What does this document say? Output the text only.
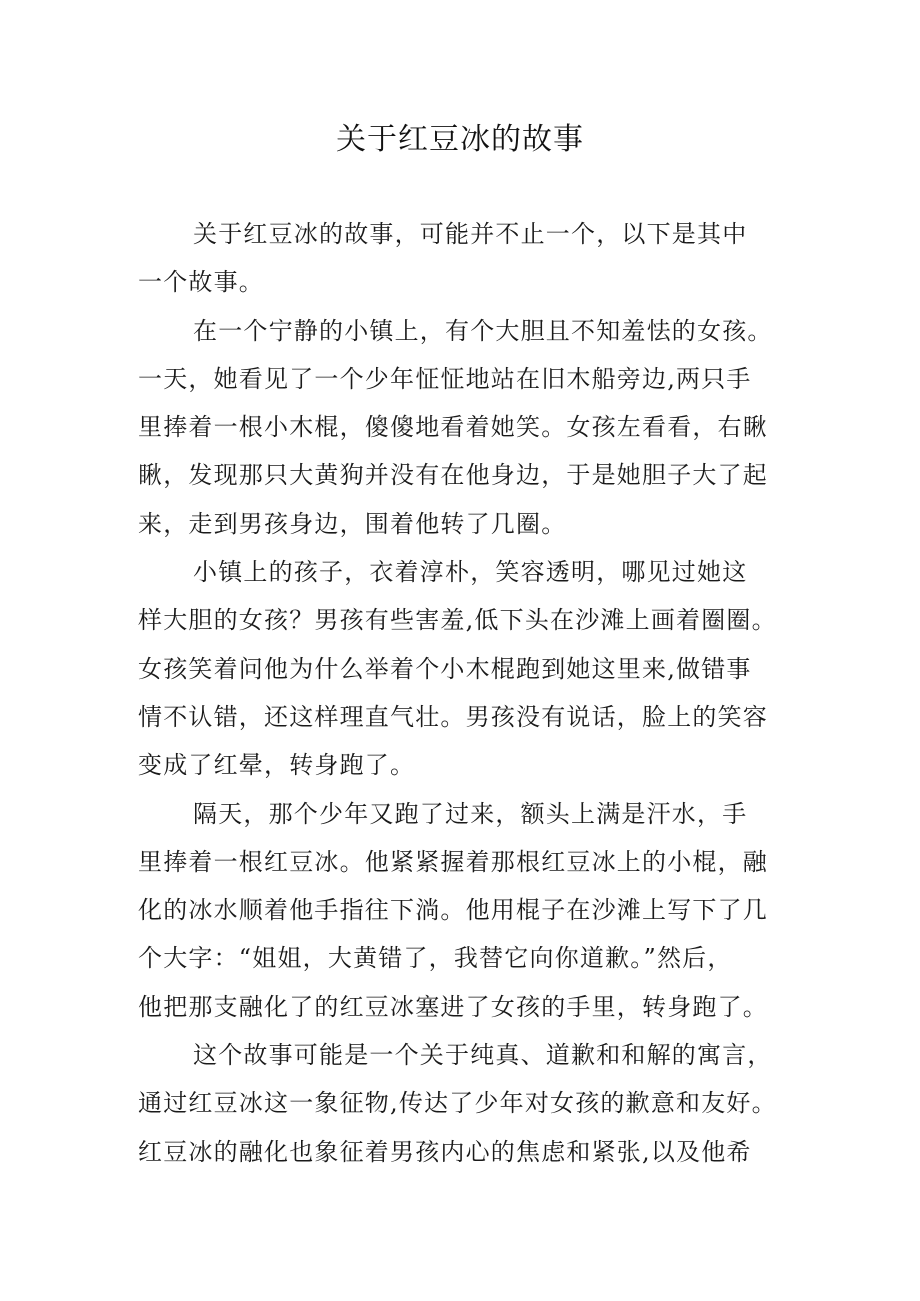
关于红豆冰的故事

关于红豆冰的故事，可能并不止一个，以下是其中
一个故事。

在一个宁静的小镇上，有个大胆且不知羞怯的女孩。
一天，她看见了一个少年怔怔地站在旧木船旁边,两只手
里捧着一根小木棍，傻傻地看着她笑。女孩左看看，右瞅
瞅，发现那只大黄狗并没有在他身边，于是她胆子大了起
来，走到男孩身边，围着他转了几圈。

小镇上的孩子，衣着淳朴，笑容透明，哪见过她这
样大胆的女孩？男孩有些害羞,低下头在沙滩上画着圈圈。
女孩笑着问他为什么举着个小木棍跑到她这里来,做错事
情不认错，还这样理直气壮。男孩没有说话，脸上的笑容
变成了红晕，转身跑了。

隔天，那个少年又跑了过来，额头上满是汗水，手
里捧着一根红豆冰。他紧紧握着那根红豆冰上的小棍，融
化的冰水顺着他手指往下淌。他用棍子在沙滩上写下了几
个大字：“姐姐，大黄错了，我替它向你道歉。”然后，
他把那支融化了的红豆冰塞进了女孩的手里，转身跑了。

这个故事可能是一个关于纯真、道歉和和解的寓言，
通过红豆冰这一象征物,传达了少年对女孩的歉意和友好。
红豆冰的融化也象征着男孩内心的焦虑和紧张,以及他希
